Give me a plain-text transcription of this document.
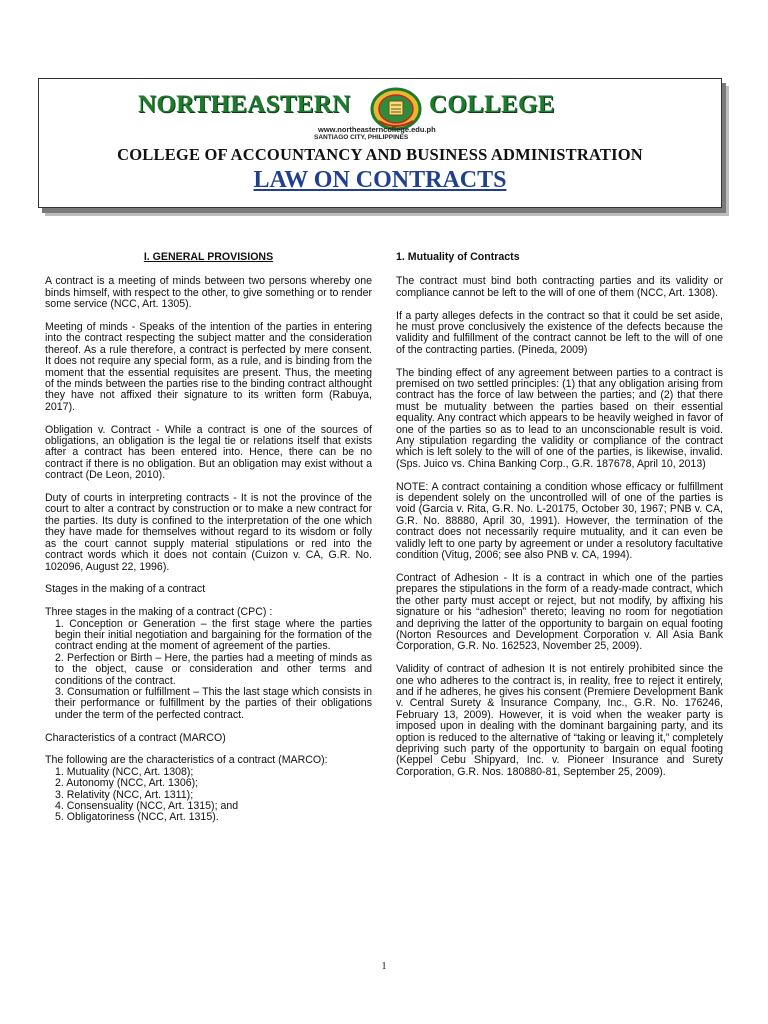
NORTHEASTERN	COLLEGE
www.northeasterncollege.edu.ph
SANTIAGO CITY, PHILIPPINES
COLLEGE OF ACCOUNTANCY AND BUSINESS ADMINISTRATION
LAW ON CONTRACTS
I. GENERAL PROVISIONS

A contract is a meeting of minds between two persons whereby one binds himself, with respect to the other, to give something or to render some service (NCC, Art. 1305).

Meeting of minds - Speaks of the intention of the parties in entering into the contract respecting the subject matter and the consideration thereof. As a rule therefore, a contract is perfected by mere consent. It does not require any special form, as a rule, and is binding from the moment that the essential requisites are present. Thus, the meeting of the minds between the parties rise to the binding contract althought they have not affixed their signature to its written form (Rabuya, 2017).

Obligation v. Contract - While a contract is one of the sources of obligations, an obligation is the legal tie or relations itself that exists after a contract has been entered into. Hence, there can be no contract if there is no obligation. But an obligation may exist without a contract (De Leon, 2010).

Duty of courts in interpreting contracts - It is not the province of the court to alter a contract by construction or to make a new contract for the parties. Its duty is confined to the interpretation of the one which they have made for themselves without regard to its wisdom or folly as the court cannot supply material stipulations or red into the contract words which it does not contain (Cuizon v. CA, G.R. No. 102096, August 22, 1996).

Stages in the making of a contract

Three stages in the making of a contract (CPC) :
1. Conception or Generation – the first stage where the parties begin their initial negotiation and bargaining for the formation of the contract ending at the moment of agreement of the parties.
2. Perfection or Birth – Here, the parties had a meeting of minds as to the object, cause or consideration and other terms and conditions of the contract.
3. Consumation or fulfillment – This the last stage which consists in their performance or fulfillment by the parties of their obligations under the term of the perfected contract.

Characteristics of a contract (MARCO)

The following are the characteristics of a contract (MARCO):
1. Mutuality (NCC, Art. 1308);
2. Autonomy (NCC, Art. 1306);
3. Relativity (NCC, Art. 1311);
4. Consensuality (NCC, Art. 1315); and
5. Obligatoriness (NCC, Art. 1315).
1. Mutuality of Contracts

The contract must bind both contracting parties and its validity or compliance cannot be left to the will of one of them (NCC, Art. 1308).

If a party alleges defects in the contract so that it could be set aside, he must prove conclusively the existence of the defects because the validity and fulfillment of the contract cannot be left to the will of one of the contracting parties. (Pineda, 2009)

The binding effect of any agreement between parties to a contract is premised on two settled principles: (1) that any obligation arising from contract has the force of law between the parties; and (2) that there must be mutuality between the parties based on their essential equality. Any contract which appears to be heavily weighed in favor of one of the parties so as to lead to an unconscionable result is void. Any stipulation regarding the validity or compliance of the contract which is left solely to the will of one of the parties, is likewise, invalid. (Sps. Juico vs. China Banking Corp., G.R. 187678, April 10, 2013)

NOTE: A contract containing a condition whose efficacy or fulfillment is dependent solely on the uncontrolled will of one of the parties is void (Garcia v. Rita, G.R. No. L-20175, October 30, 1967; PNB v. CA, G.R. No. 88880, April 30, 1991). However, the termination of the contract does not necessarily require mutuality, and it can even be validly left to one party by agreement or under a resolutory facultative condition (Vitug, 2006; see also PNB v. CA, 1994).

Contract of Adhesion - It is a contract in which one of the parties prepares the stipulations in the form of a ready-made contract, which the other party must accept or reject, but not modify, by affixing his signature or his “adhesion” thereto; leaving no room for negotiation and depriving the latter of the opportunity to bargain on equal footing (Norton Resources and Development Corporation v. All Asia Bank Corporation, G.R. No. 162523, November 25, 2009).

Validity of contract of adhesion It is not entirely prohibited since the one who adheres to the contract is, in reality, free to reject it entirely, and if he adheres, he gives his consent (Premiere Development Bank v. Central Surety & Insurance Company, Inc., G.R. No. 176246, February 13, 2009). However, it is void when the weaker party is imposed upon in dealing with the dominant bargaining party, and its option is reduced to the alternative of “taking or leaving it,” completely depriving such party of the opportunity to bargain on equal footing (Keppel Cebu Shipyard, Inc. v. Pioneer Insurance and Surety Corporation, G.R. Nos. 180880-81, September 25, 2009).

1
